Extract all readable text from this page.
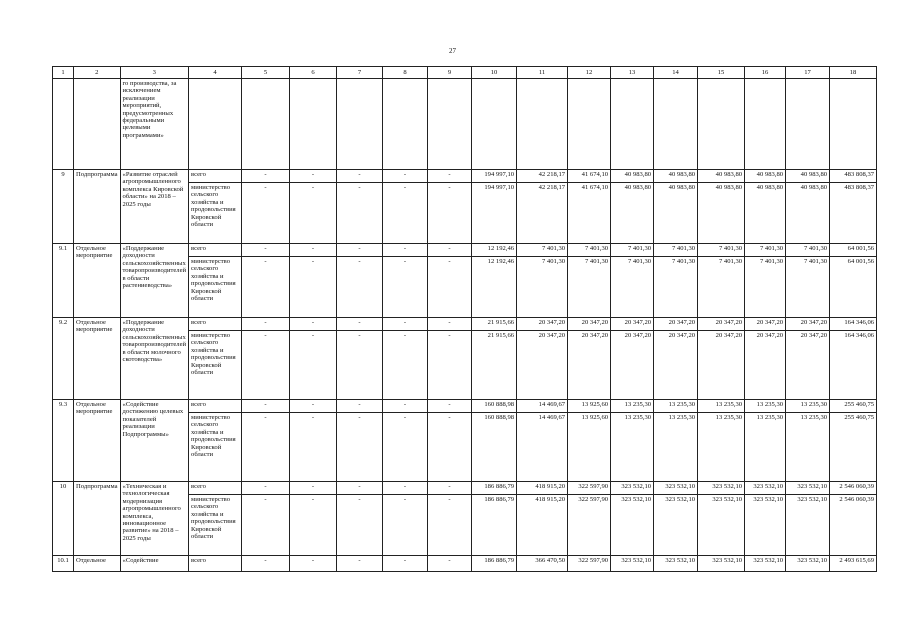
27
1	2	3	4	5	6	7	8	9	10	11	12	13	14	15	16	17	18
		го производства, за исключением реализации мероприятий, предусмотренных федеральными целевыми программами»															
9	Подпрограмма	«Развитие отраслей агропромышленного комплекса Кировской области» на 2018 – 2025 годы	всего	-	-	-	-	-	194 997,10	42 218,17	41 674,10	40 983,80	40 983,80	40 983,80	40 983,80	40 983,80	483 808,37
			министерство сельского хозяйства и продовольствия Кировской области	-	-	-	-	-	194 997,10	42 218,17	41 674,10	40 983,80	40 983,80	40 983,80	40 983,80	40 983,80	483 808,37
9.1	Отдельное мероприятие	«Поддержание доходности сельскохозяйственных товаропроизводителей в области растениеводства»	всего	-	-	-	-	-	12 192,46	7 401,30	7 401,30	7 401,30	7 401,30	7 401,30	7 401,30	7 401,30	64 001,56
			министерство сельского хозяйства и продовольствия Кировской области	-	-	-	-	-	12 192,46	7 401,30	7 401,30	7 401,30	7 401,30	7 401,30	7 401,30	7 401,30	64 001,56
9.2	Отдельное мероприятие	«Поддержание доходности сельскохозяйственных товаропроизводителей в области молочного скотоводства»	всего	-	-	-	-	-	21 915,66	20 347,20	20 347,20	20 347,20	20 347,20	20 347,20	20 347,20	20 347,20	164 346,06
			министерство сельского хозяйства и продовольствия Кировской области	-	-	-	-	-	21 915,66	20 347,20	20 347,20	20 347,20	20 347,20	20 347,20	20 347,20	20 347,20	164 346,06
9.3	Отдельное мероприятие	«Содействие достижению целевых показателей реализации Подпрограммы»	всего	-	-	-	-	-	160 888,98	14 469,67	13 925,60	13 235,30	13 235,30	13 235,30	13 235,30	13 235,30	255 460,75
			министерство сельского хозяйства и продовольствия Кировской области	-	-	-	-	-	160 888,98	14 469,67	13 925,60	13 235,30	13 235,30	13 235,30	13 235,30	13 235,30	255 460,75
10	Подпрограмма	«Техническая и технологическая модернизация агропромышленного комплекса, инновационное развитие» на 2018 – 2025 годы	всего	-	-	-	-	-	186 886,79	418 915,20	322 597,90	323 532,10	323 532,10	323 532,10	323 532,10	323 532,10	2 546 060,39
			министерство сельского хозяйства и продовольствия Кировской области	-	-	-	-	-	186 886,79	418 915,20	322 597,90	323 532,10	323 532,10	323 532,10	323 532,10	323 532,10	2 546 060,39
10.1	Отдельное	«Содействие	всего	-	-	-	-	-	186 886,79	366 470,50	322 597,90	323 532,10	323 532,10	323 532,10	323 532,10	323 532,10	2 493 615,69
